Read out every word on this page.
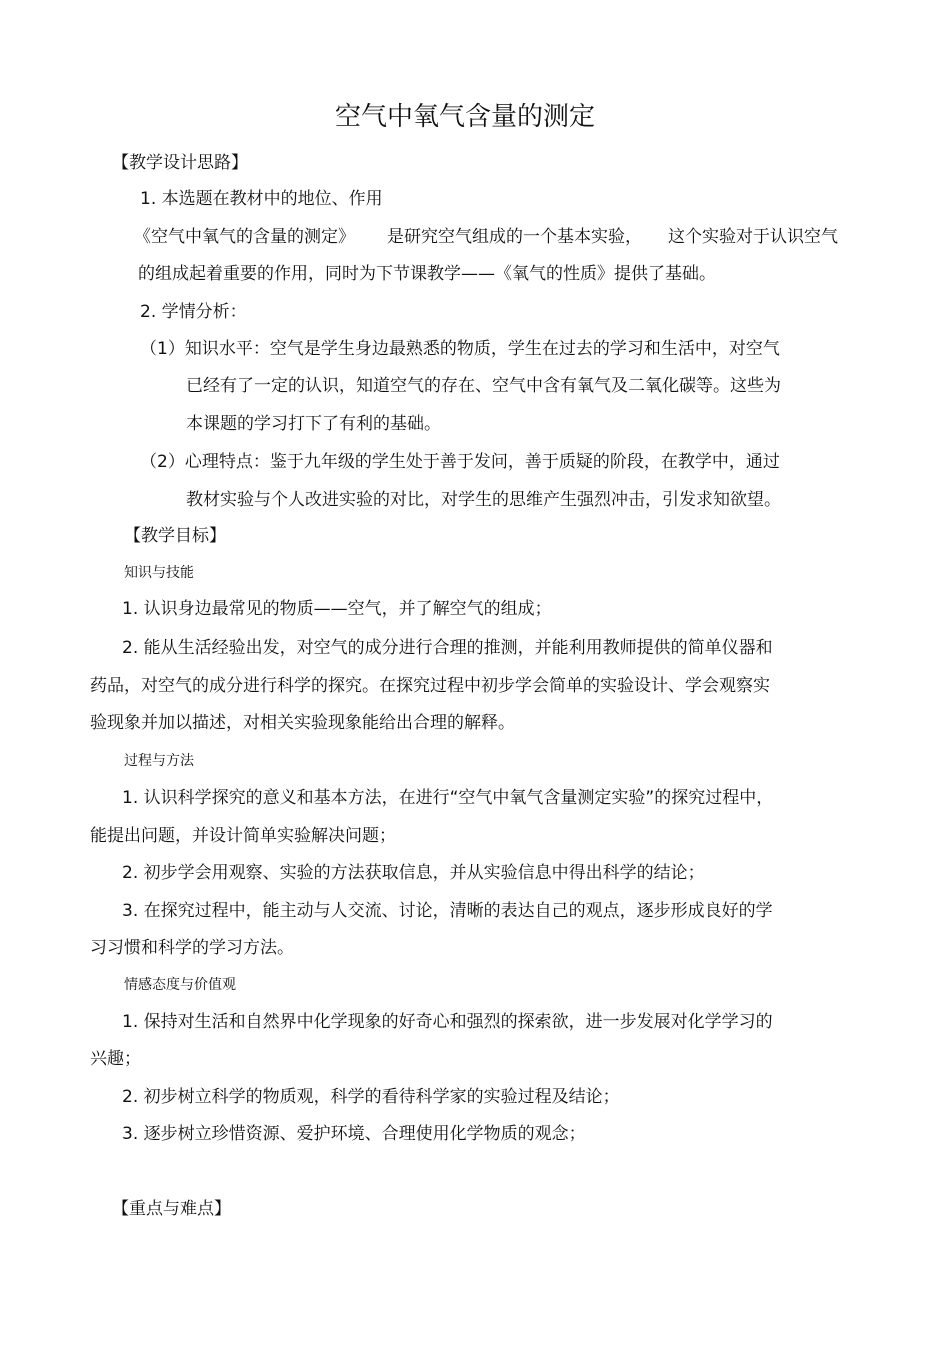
空气中氧气含量的测定
【教学设计思路】
1. 本选题在教材中的地位、作用
《空气中氧气的含量的测定》 是研究空气组成的一个基本实验， 这个实验对于认识空气
的组成起着重要的作用，同时为下节课教学——《氧气的性质》提供了基础。
2. 学情分析：
（1）知识水平：空气是学生身边最熟悉的物质，学生在过去的学习和生活中，对空气
已经有了一定的认识，知道空气的存在、空气中含有氧气及二氧化碳等。这些为
本课题的学习打下了有利的基础。
（2）心理特点：鉴于九年级的学生处于善于发问，善于质疑的阶段，在教学中，通过
教材实验与个人改进实验的对比，对学生的思维产生强烈冲击，引发求知欲望。
【教学目标】
知识与技能
1. 认识身边最常见的物质——空气，并了解空气的组成；
2. 能从生活经验出发，对空气的成分进行合理的推测，并能利用教师提供的简单仪器和
药品，对空气的成分进行科学的探究。在探究过程中初步学会简单的实验设计、学会观察实
验现象并加以描述，对相关实验现象能给出合理的解释。
过程与方法
1. 认识科学探究的意义和基本方法，在进行“空气中氧气含量测定实验”的探究过程中，
能提出问题，并设计简单实验解决问题；
2. 初步学会用观察、实验的方法获取信息，并从实验信息中得出科学的结论；
3. 在探究过程中，能主动与人交流、讨论，清晰的表达自己的观点，逐步形成良好的学
习习惯和科学的学习方法。
情感态度与价值观
1. 保持对生活和自然界中化学现象的好奇心和强烈的探索欲，进一步发展对化学学习的
兴趣；
2. 初步树立科学的物质观，科学的看待科学家的实验过程及结论；
3. 逐步树立珍惜资源、爱护环境、合理使用化学物质的观念；
【重点与难点】
